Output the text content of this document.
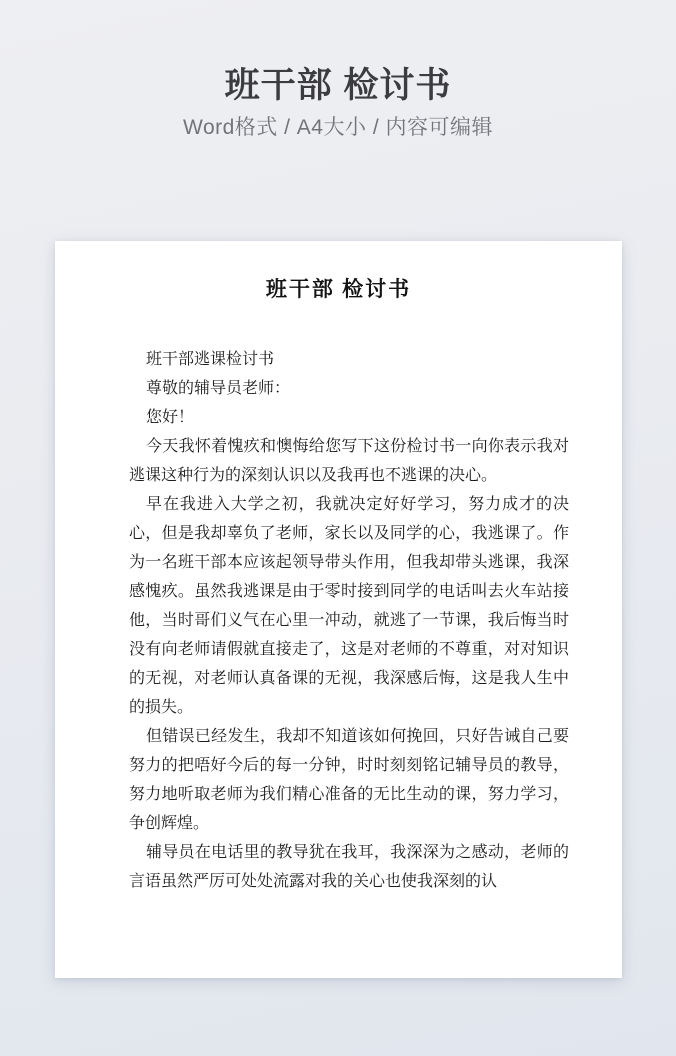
班干部 检讨书
Word格式 / A4大小 / 内容可编辑
班干部 检讨书

班干部逃课检讨书

尊敬的辅导员老师：

您好！

今天我怀着愧疚和懊悔给您写下这份检讨书一向你表示我对逃课这种行为的深刻认识以及我再也不逃课的决心。

早在我进入大学之初，我就决定好好学习，努力成才的决心，但是我却辜负了老师，家长以及同学的心，我逃课了。作为一名班干部本应该起领导带头作用，但我却带头逃课，我深感愧疚。虽然我逃课是由于零时接到同学的电话叫去火车站接他，当时哥们义气在心里一冲动，就逃了一节课，我后悔当时没有向老师请假就直接走了，这是对老师的不尊重，对对知识的无视，对老师认真备课的无视，我深感后悔，这是我人生中的损失。

但错误已经发生，我却不知道该如何挽回，只好告诫自己要努力的把唔好今后的每一分钟，时时刻刻铭记辅导员的教导，努力地听取老师为我们精心准备的无比生动的课，努力学习，争创辉煌。

辅导员在电话里的教导犹在我耳，我深深为之感动，老师的言语虽然严厉可处处流露对我的关心也使我深刻的认
